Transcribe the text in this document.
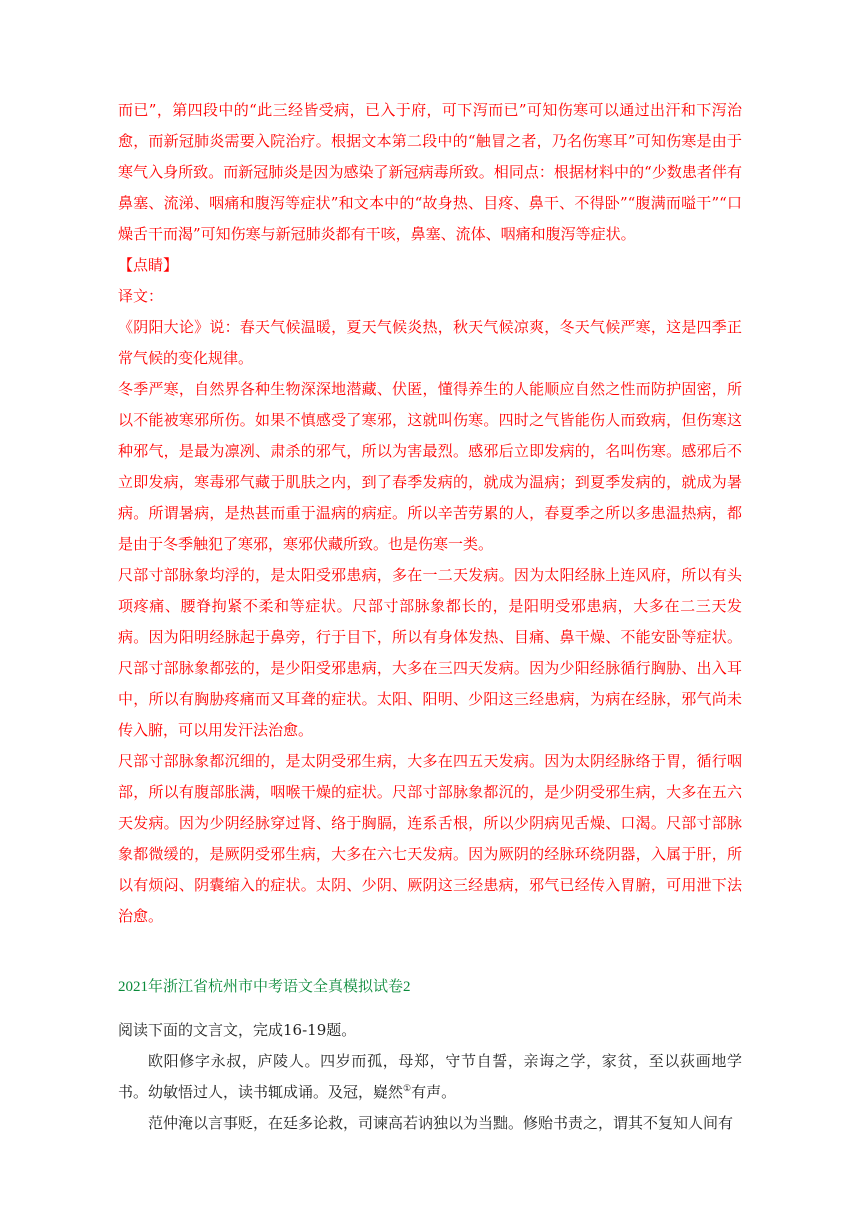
而已”，第四段中的“此三经皆受病，已入于府，可下泻而已”可知伤寒可以通过出汗和下泻治愈，而新冠肺炎需要入院治疗。根据文本第二段中的“触冒之者，乃名伤寒耳”可知伤寒是由于寒气入身所致。而新冠肺炎是因为感染了新冠病毒所致。相同点：根据材料中的“少数患者伴有鼻塞、流涕、咽痛和腹泻等症状”和文本中的“故身热、目疼、鼻干、不得卧”“腹满而嗌干”“口燥舌干而渴”可知伤寒与新冠肺炎都有干咳，鼻塞、流体、咽痛和腹泻等症状。

【点睛】

译文：

《阴阳大论》说：春天气候温暖，夏天气候炎热，秋天气候凉爽，冬天气候严寒，这是四季正常气候的变化规律。

冬季严寒，自然界各种生物深深地潜藏、伏匿，懂得养生的人能顺应自然之性而防护固密，所以不能被寒邪所伤。如果不慎感受了寒邪，这就叫伤寒。四时之气皆能伤人而致病，但伤寒这种邪气，是最为凛冽、肃杀的邪气，所以为害最烈。感邪后立即发病的，名叫伤寒。感邪后不立即发病，寒毒邪气藏于肌肤之内，到了春季发病的，就成为温病；到夏季发病的，就成为暑病。所谓暑病，是热甚而重于温病的病症。所以辛苦劳累的人，春夏季之所以多患温热病，都是由于冬季触犯了寒邪，寒邪伏藏所致。也是伤寒一类。

尺部寸部脉象均浮的，是太阳受邪患病，多在一二天发病。因为太阳经脉上连风府，所以有头项疼痛、腰脊拘紧不柔和等症状。尺部寸部脉象都长的，是阳明受邪患病，大多在二三天发病。因为阳明经脉起于鼻旁，行于目下，所以有身体发热、目痛、鼻干燥、不能安卧等症状。尺部寸部脉象都弦的，是少阳受邪患病，大多在三四天发病。因为少阳经脉循行胸胁、出入耳中，所以有胸胁疼痛而又耳聋的症状。太阳、阳明、少阳这三经患病，为病在经脉，邪气尚未传入腑，可以用发汗法治愈。

尺部寸部脉象都沉细的，是太阴受邪生病，大多在四五天发病。因为太阴经脉络于胃，循行咽部，所以有腹部胀满，咽喉干燥的症状。尺部寸部脉象都沉的，是少阴受邪生病，大多在五六天发病。因为少阴经脉穿过肾、络于胸膈，连系舌根，所以少阴病见舌燥、口渴。尺部寸部脉象都微缓的，是厥阴受邪生病，大多在六七天发病。因为厥阴的经脉环绕阴器，入属于肝，所以有烦闷、阴囊缩入的症状。太阴、少阴、厥阴这三经患病，邪气已经传入胃腑，可用泄下法治愈。

2021年浙江省杭州市中考语文全真模拟试卷2

阅读下面的文言文，完成16-19题。

欧阳修字永叔，庐陵人。四岁而孤，母郑，守节自誓，亲诲之学，家贫，至以荻画地学书。幼敏悟过人，读书辄成诵。及冠，嶷然①有声。

范仲淹以言事贬，在廷多论救，司谏高若讷独以为当黜。修贻书责之，谓其不复知人间有
